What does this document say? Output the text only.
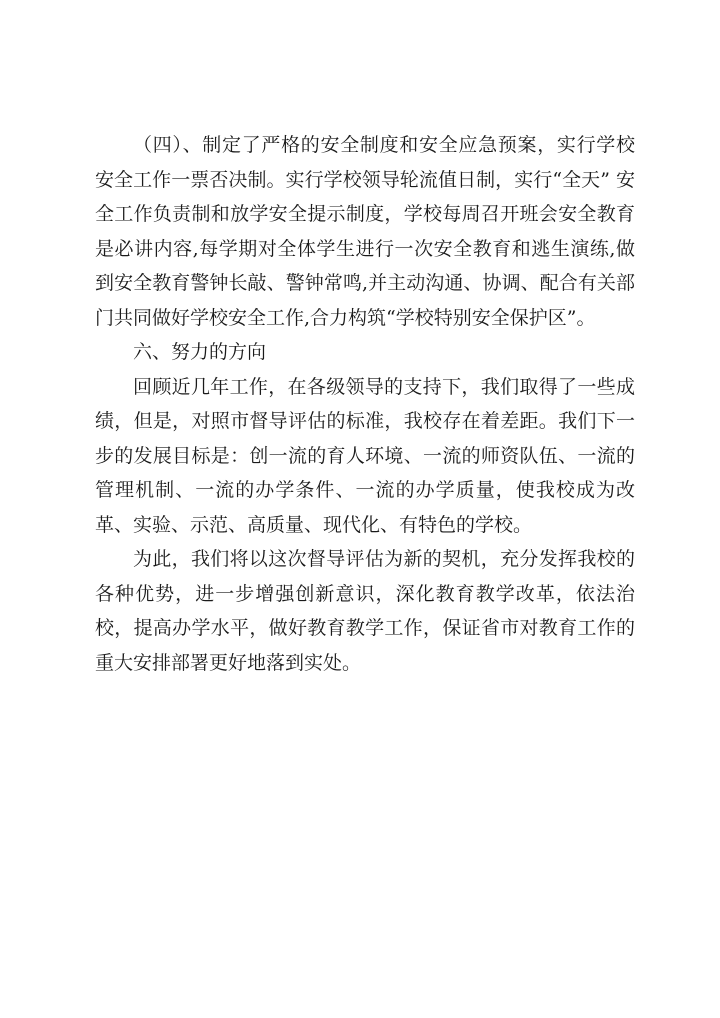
（四）、制定了严格的安全制度和安全应急预案，实行学校安全工作一票否决制。实行学校领导轮流值日制，实行“全天” 安全工作负责制和放学安全提示制度，学校每周召开班会安全教育是必讲内容,每学期对全体学生进行一次安全教育和逃生演练,做到安全教育警钟长敲、警钟常鸣,并主动沟通、协调、配合有关部门共同做好学校安全工作,合力构筑“学校特别安全保护区”。

六、努力的方向

回顾近几年工作，在各级领导的支持下，我们取得了一些成绩，但是，对照市督导评估的标准，我校存在着差距。我们下一步的发展目标是：创一流的育人环境、一流的师资队伍、一流的管理机制、一流的办学条件、一流的办学质量，使我校成为改革、实验、示范、高质量、现代化、有特色的学校。

为此，我们将以这次督导评估为新的契机，充分发挥我校的各种优势，进一步增强创新意识，深化教育教学改革，依法治校，提高办学水平，做好教育教学工作，保证省市对教育工作的重大安排部署更好地落到实处。
